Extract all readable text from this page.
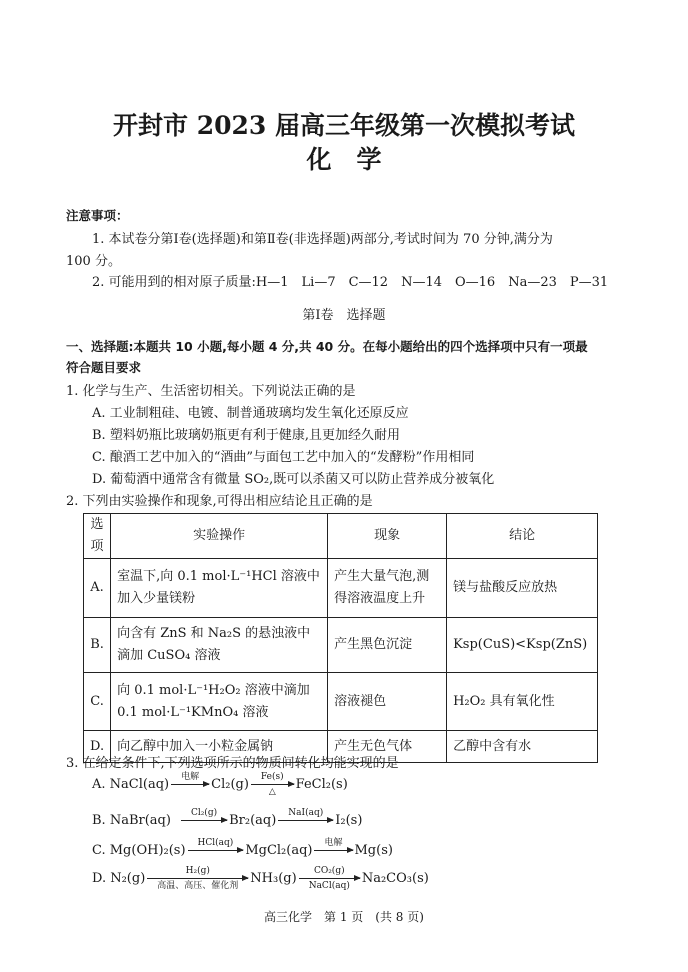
开封市 2023 届高三年级第一次模拟考试
化　学
注意事项：
1. 本试卷分第Ⅰ卷(选择题)和第Ⅱ卷(非选择题)两部分,考试时间为 70 分钟,满分为
100 分。
2. 可能用到的相对原子质量:H—1　Li—7　C—12　N—14　O—16　Na—23　P—31
第Ⅰ卷　选择题
一、选择题:本题共 10 小题,每小题 4 分,共 40 分。在每小题给出的四个选择项中只有一项最
符合题目要求
1. 化学与生产、生活密切相关。下列说法正确的是
A. 工业制粗硅、电镀、制普通玻璃均发生氧化还原反应
B. 塑料奶瓶比玻璃奶瓶更有利于健康,且更加经久耐用
C. 酿酒工艺中加入的“酒曲”与面包工艺中加入的“发酵粉”作用相同
D. 葡萄酒中通常含有微量 SO₂,既可以杀菌又可以防止营养成分被氧化
2. 下列由实验操作和现象,可得出相应结论且正确的是
选项	实验操作	现象	结论
A.	室温下,向 0.1 mol·L⁻¹HCl 溶液中加入少量镁粉	产生大量气泡,测得溶液温度上升	镁与盐酸反应放热
B.	向含有 ZnS 和 Na₂S 的悬浊液中滴加 CuSO₄ 溶液	产生黑色沉淀	Ksp(CuS)<Ksp(ZnS)
C.	向 0.1 mol·L⁻¹H₂O₂ 溶液中滴加 0.1 mol·L⁻¹KMnO₄ 溶液	溶液褪色	H₂O₂ 具有氧化性
D.	向乙醇中加入一小粒金属钠	产生无色气体	乙醇中含有水
3. 在给定条件下,下列选项所示的物质间转化均能实现的是
A. NaCl(aq)	电解 Cl₂(g)	Fe(s)
△	FeCl₂(s)
B. NaBr(aq)	Cl₂(g) Br₂(aq)	NaI(aq) I₂(s)
C. Mg(OH)₂(s)	HCl(aq) MgCl₂(aq)	电解 Mg(s)
D. N₂(g)	H₂(g)
高温、高压、催化剂 NH₃(g)	CO₂(g)
NaCl(aq) Na₂CO₃(s)
高三化学　第 1 页　(共 8 页)
